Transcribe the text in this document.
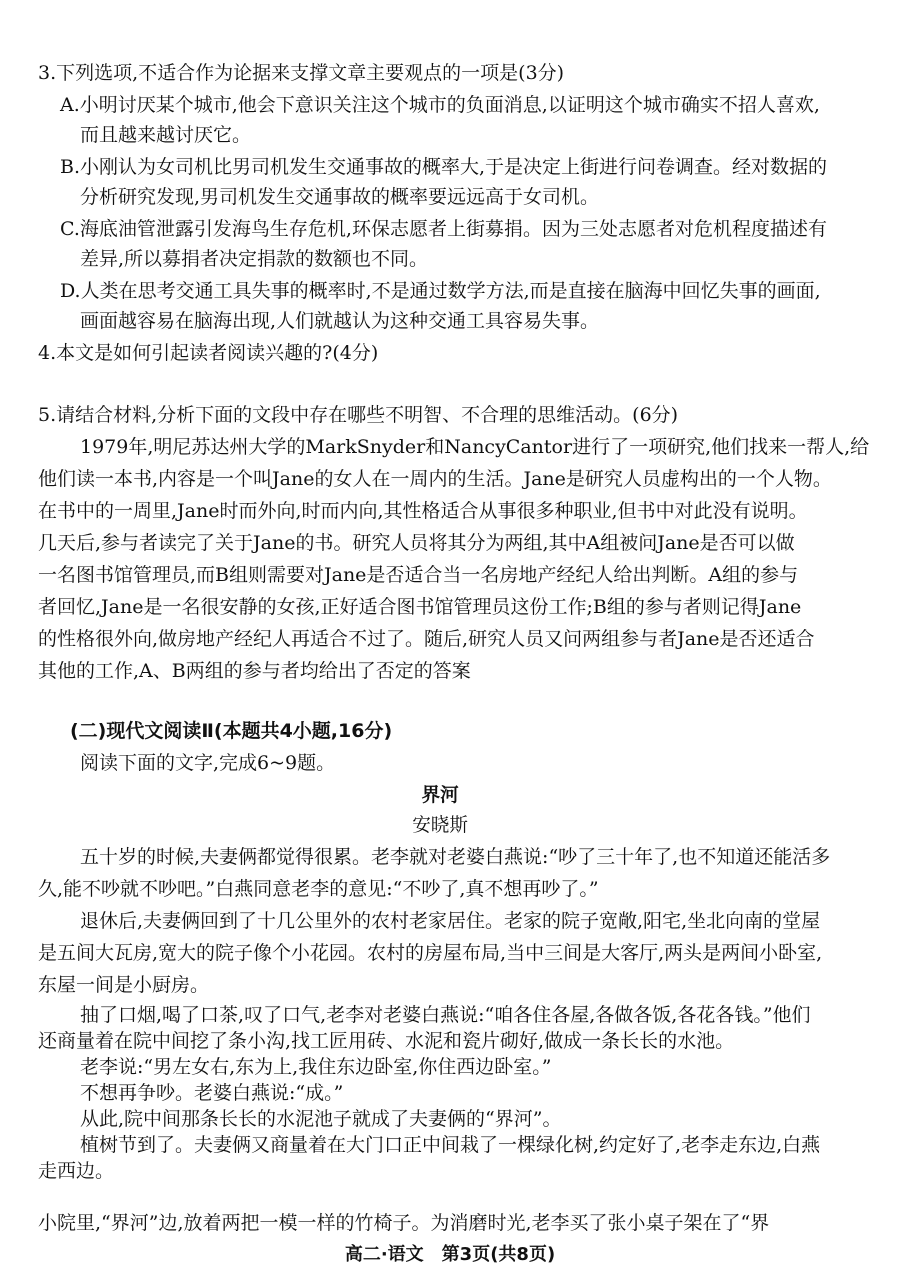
3.下列选项,不适合作为论据来支撑文章主要观点的一项是(3分)
A.小明讨厌某个城市,他会下意识关注这个城市的负面消息,以证明这个城市确实不招人喜欢,
而且越来越讨厌它。
B.小刚认为女司机比男司机发生交通事故的概率大,于是决定上街进行问卷调查。经对数据的
分析研究发现,男司机发生交通事故的概率要远远高于女司机。
C.海底油管泄露引发海鸟生存危机,环保志愿者上街募捐。因为三处志愿者对危机程度描述有
差异,所以募捐者决定捐款的数额也不同。
D.人类在思考交通工具失事的概率时,不是通过数学方法,而是直接在脑海中回忆失事的画面,
画面越容易在脑海出现,人们就越认为这种交通工具容易失事。
4.本文是如何引起读者阅读兴趣的?(4分)
5.请结合材料,分析下面的文段中存在哪些不明智、不合理的思维活动。(6分)
1979年,明尼苏达州大学的MarkSnyder和NancyCantor进行了一项研究,他们找来一帮人,给
他们读一本书,内容是一个叫Jane的女人在一周内的生活。Jane是研究人员虚构出的一个人物。
在书中的一周里,Jane时而外向,时而内向,其性格适合从事很多种职业,但书中对此没有说明。
几天后,参与者读完了关于Jane的书。研究人员将其分为两组,其中A组被问Jane是否可以做
一名图书馆管理员,而B组则需要对Jane是否适合当一名房地产经纪人给出判断。A组的参与
者回忆,Jane是一名很安静的女孩,正好适合图书馆管理员这份工作;B组的参与者则记得Jane
的性格很外向,做房地产经纪人再适合不过了。随后,研究人员又问两组参与者Jane是否还适合
其他的工作,A、B两组的参与者均给出了否定的答案
(二)现代文阅读Ⅱ(本题共4小题,16分)
阅读下面的文字,完成6~9题。
界河
安晓斯
五十岁的时候,夫妻俩都觉得很累。老李就对老婆白燕说:“吵了三十年了,也不知道还能活多
久,能不吵就不吵吧。”白燕同意老李的意见:“不吵了,真不想再吵了。”
退休后,夫妻俩回到了十几公里外的农村老家居住。老家的院子宽敞,阳宅,坐北向南的堂屋
是五间大瓦房,宽大的院子像个小花园。农村的房屋布局,当中三间是大客厅,两头是两间小卧室,
东屋一间是小厨房。
抽了口烟,喝了口茶,叹了口气,老李对老婆白燕说:“咱各住各屋,各做各饭,各花各钱。”他们
还商量着在院中间挖了条小沟,找工匠用砖、水泥和瓷片砌好,做成一条长长的水池。
老李说:“男左女右,东为上,我住东边卧室,你住西边卧室。”
不想再争吵。老婆白燕说:“成。”
从此,院中间那条长长的水泥池子就成了夫妻俩的“界河”。
植树节到了。夫妻俩又商量着在大门口正中间栽了一棵绿化树,约定好了,老李走东边,白燕
走西边。
小院里,“界河”边,放着两把一模一样的竹椅子。为消磨时光,老李买了张小桌子架在了“界
高二·语文　第3页(共8页)
